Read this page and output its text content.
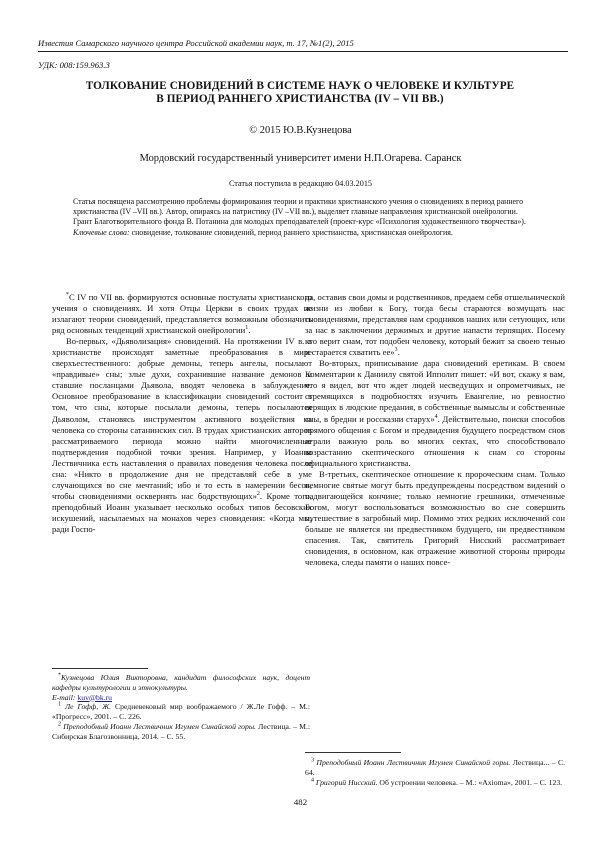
Известия Самарского научного центра Российской академии наук, т. 17, №1(2), 2015
УДК: 008:159.963.3
ТОЛКОВАНИЕ СНОВИДЕНИЙ В СИСТЕМЕ НАУК О ЧЕЛОВЕКЕ И КУЛЬТУРЕ
В ПЕРИОД РАННЕГО ХРИСТИАНСТВА (IV – VII ВВ.)
© 2015 Ю.В.Кузнецова
Мордовский государственный университет имени Н.П.Огарева. Саранск
Статья поступила в редакцию 04.03.2015

Статья посвящена рассмотрению проблемы формирования теории и практики христианского учения о сновидениях в период раннего христианства (IV –VII вв.). Автор, опираясь на патристику (IV –VII вв.), выделяет главные направления христианской онейрологии.

Грант Благотворительного фонда В. Потанина для молодых преподавателей (проект-курс «Психология художественного творчества»).

Ключевые слова: сновидение, толкование сновидений, период раннего христианства, христианская онейрология.

*С IV по VII вв. формируются основные постулаты христианского учения о сновидениях. И хотя Отцы Церкви в своих трудах не излагают теории сновидений, представляется возможным обозначить ряд основных тенденций христианской онейрологии$^1$.

Во-первых, «Дьяволизация» сновидений. На протяжении IV в. в христианстве происходят заметные преобразования в мире сверхъестественного: добрые демоны, теперь ангелы, посылают «правдивые» сны; злые духи, сохранившие название демонов и ставшие посланцами Дьявола, вводят человека в заблуждение. Основное преобразование в классификации сновидений состоит в том, что сны, которые посылали демоны, теперь посылаются Дьяволом, становясь инструментом активного воздействия на человека со стороны сатанинских сил. В трудах христианских авторов рассматриваемого периода можно найти многочисленные подтверждения подобной точки зрения. Например, у Иоанна Лествичника есть наставления о правилах поведения человека после сна: «Никто в продолжение дня не представляй себе в уме случающихся во сне мечтаний; ибо и то есть в намерении бесов, чтобы сновидениями осквернять нас бодрствующих»$^2$. Кроме того, преподобный Иоанн указывает несколько особых типов бесовских искушений, насылаемых на монахов через сновидения: «Когда мы, ради Госпо-

*Кузнецова Юлия Викторовна, кандидат философских наук, доцент кафедры культурологии и этнокультуры.
E-mail: kuv@bk.ru

$^1$ Ле Гофф, Ж. Средневековый мир воображаемого / Ж.Ле Гофф. – М.: «Прогресс», 2001. – С. 226.

$^2$ Преподобный Иоанн Лествичник Игумен Синайской горы. Лествица. – М.: Сибирская Благозвонница, 2014. – С. 55.

да, оставив свои домы и родственников, предаем себя отшельнической жизни из любви к Богу, тогда бесы стараются возмущать нас сновидениями, представляя нам сродников наших или сетующих, или за нас в заключении держимых и другие напасти терпящих. Посему кто верит снам, тот подобен человеку, который бежит за своею тенью и старается схватить ее»$^3$.

Во-вторых, приписывание дара сновидений еретикам. В своем Комментарии к Даниилу святой Ипполит пишет: «И вот, скажу я вам, что я видел, вот что ждет людей несведущих и опрометчивых, не стремящихся в подробностях изучить Евангелие, но ревностно верящих в людские предания, в собственные вымыслы и собственные сны, в бредни и россказни старух»$^4$. Действительно, поиски способов прямого общения с Богом и предвидения будущего посредством снов играли важную роль во многих сектах, что способствовало возрастанию скептического отношения к снам со стороны официального христианства.

В-третьих, скептическое отношение к пророческим снам. Только немногие святые могут быть предупреждены посредством видений о надвигающейся кончине; только немногие грешники, отмеченные Богом, могут воспользоваться возможностью во сне совершить путешествие в загробный мир. Помимо этих редких исключений сон больше не является ни предвестником будущего, ни предвестником спасения. Так, святитель Григорий Нисский рассматривает сновидения, в основном, как отражение животной стороны природы человека, следы памяти о наших повсе-

$^3$ Преподобный Иоанн Лествичник Игумен Синайской горы. Лествица... – С. 64.

$^4$ Григорий Нисский. Об устроении человека. – М.: «Axioma», 2001. – С. 123.

482
